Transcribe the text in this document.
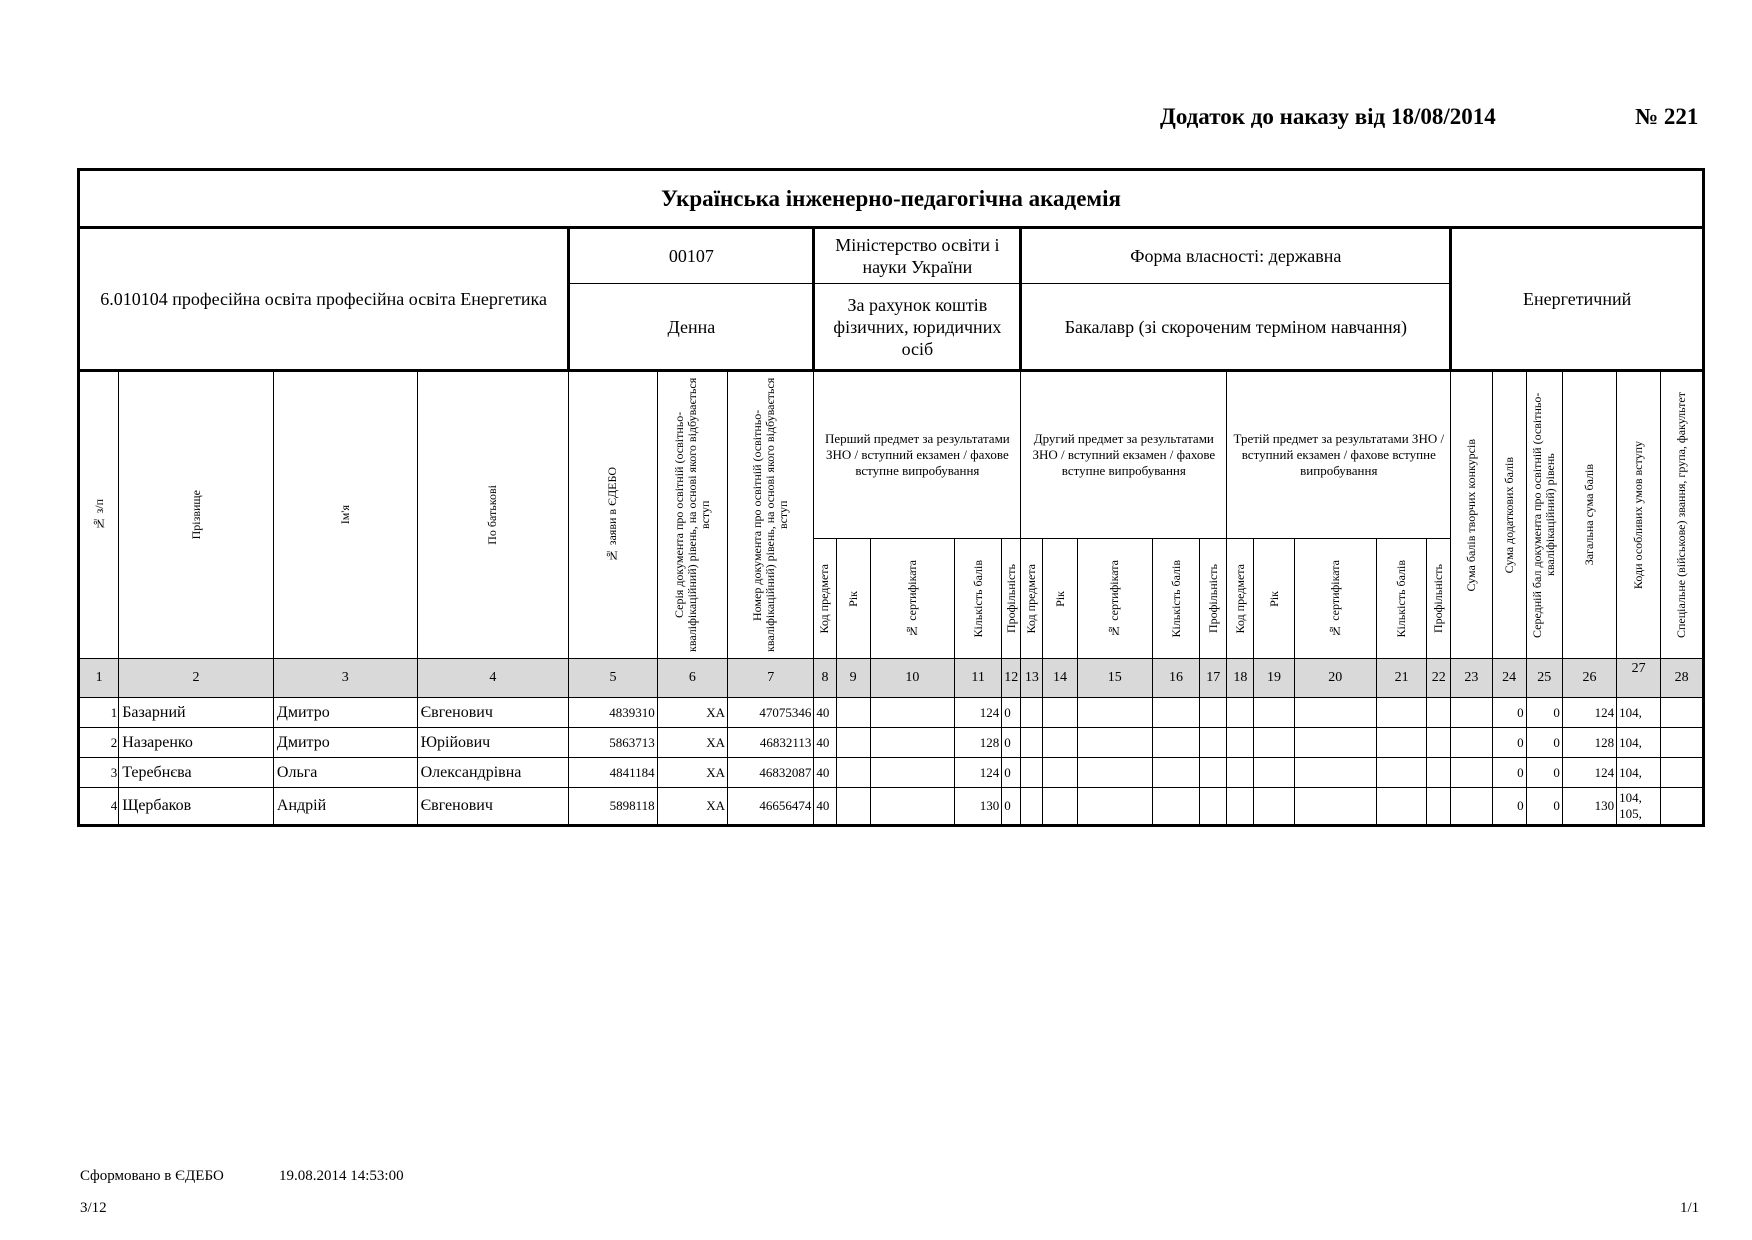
Додаток до наказу від 18/08/2014	№ 221
Українська інженерно-педагогічна академія																											
6.010104 професійна освіта професійна освіта Енергетика				00107			Міністерство освіти і науки України					Форма власності: державна										Енергетичний					
				Денна			За рахунок коштів фізичних, юридичних осіб					Бакалавр (зі скороченим терміном навчання)															

№ з/п	Прізвище	Ім'я	По батькові	№ заяви в ЄДЕБО	Серія документа про освітній (освітньо-кваліфікаційний) рівень, на основі якого відбувається вступ	Номер документа про освітній (освітньо-кваліфікаційний) рівень, на основі якого відбувається вступ	Перший предмет за результатами ЗНО / вступний екзамен / фахове вступне випробування					Другий предмет за результатами ЗНО / вступний екзамен / фахове вступне випробування					Третій предмет за результатами ЗНО / вступний екзамен / фахове вступне випробування					Сума балів творчих конкурсів	Сума додаткових балів	Середній бал документа про освітній (освітньо-кваліфікаційний) рівень	Загальна сума балів	Коди особливих умов вступу	Спеціальне (військове) звання, група, факультет

							Код предмета	Рік	№ сертифіката	Кількість балів	Профільність	Код предмета	Рік	№ сертифіката	Кількість балів	Профільність	Код предмета	Рік	№ сертифіката	Кількість балів	Профільність						

1	2	3	4	5	6	7	8	9	10	11	12	13	14	15	16	17	18	19	20	21	22	23	24	25	26	27	28
1	Базарний	Дмитро	Євгенович	4839310	ХА	47075346	40			124	0												0	0	124	104,	
2	Назаренко	Дмитро	Юрійович	5863713	ХА	46832113	40			128	0												0	0	128	104,	
3	Теребнєва	Ольга	Олександрівна	4841184	ХА	46832087	40			124	0												0	0	124	104,	
4	Щербаков	Андрій	Євгенович	5898118	ХА	46656474	40			130	0												0	0	130	104,
105,	

Сформовано в ЄДЕБО	19.08.2014 14:53:00
3/12	1/1
